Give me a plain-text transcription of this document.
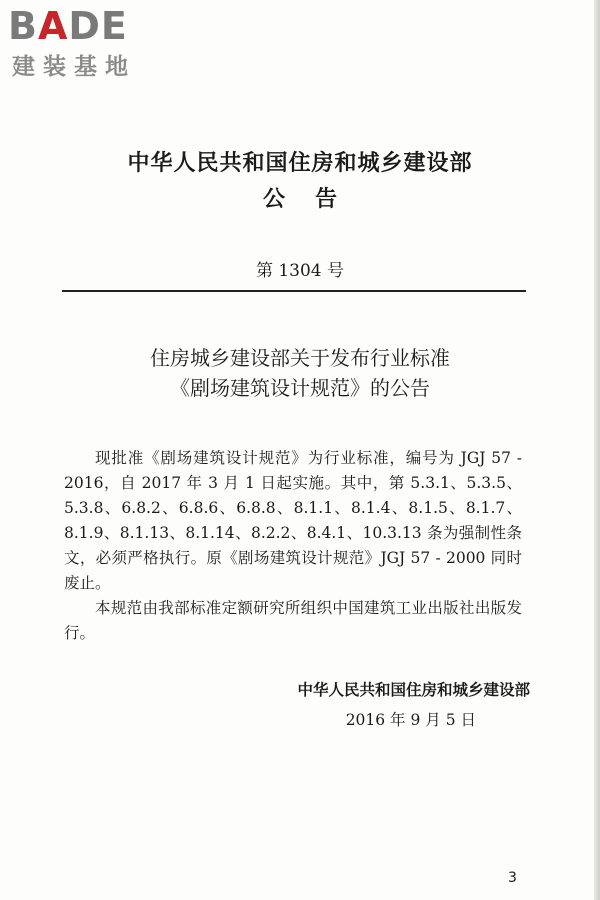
B A DE
建装基地
中华人民共和国住房和城乡建设部
公告
第 1304 号
住房城乡建设部关于发布行业标准
《剧场建筑设计规范》的公告

现批准《剧场建筑设计规范》为行业标准，编号为 JGJ 57 - 2016，自 2017 年 3 月 1 日起实施。其中，第 5.3.1、5.3.5、5.3.8、6.8.2、6.8.6、6.8.8、8.1.1、8.1.4、8.1.5、8.1.7、8.1.9、8.1.13、8.1.14、8.2.2、8.4.1、10.3.13 条为强制性条文，必须严格执行。原《剧场建筑设计规范》JGJ 57 - 2000 同时废止。

本规范由我部标准定额研究所组织中国建筑工业出版社出版发行。

中华人民共和国住房和城乡建设部
2016 年 9 月 5 日
3
